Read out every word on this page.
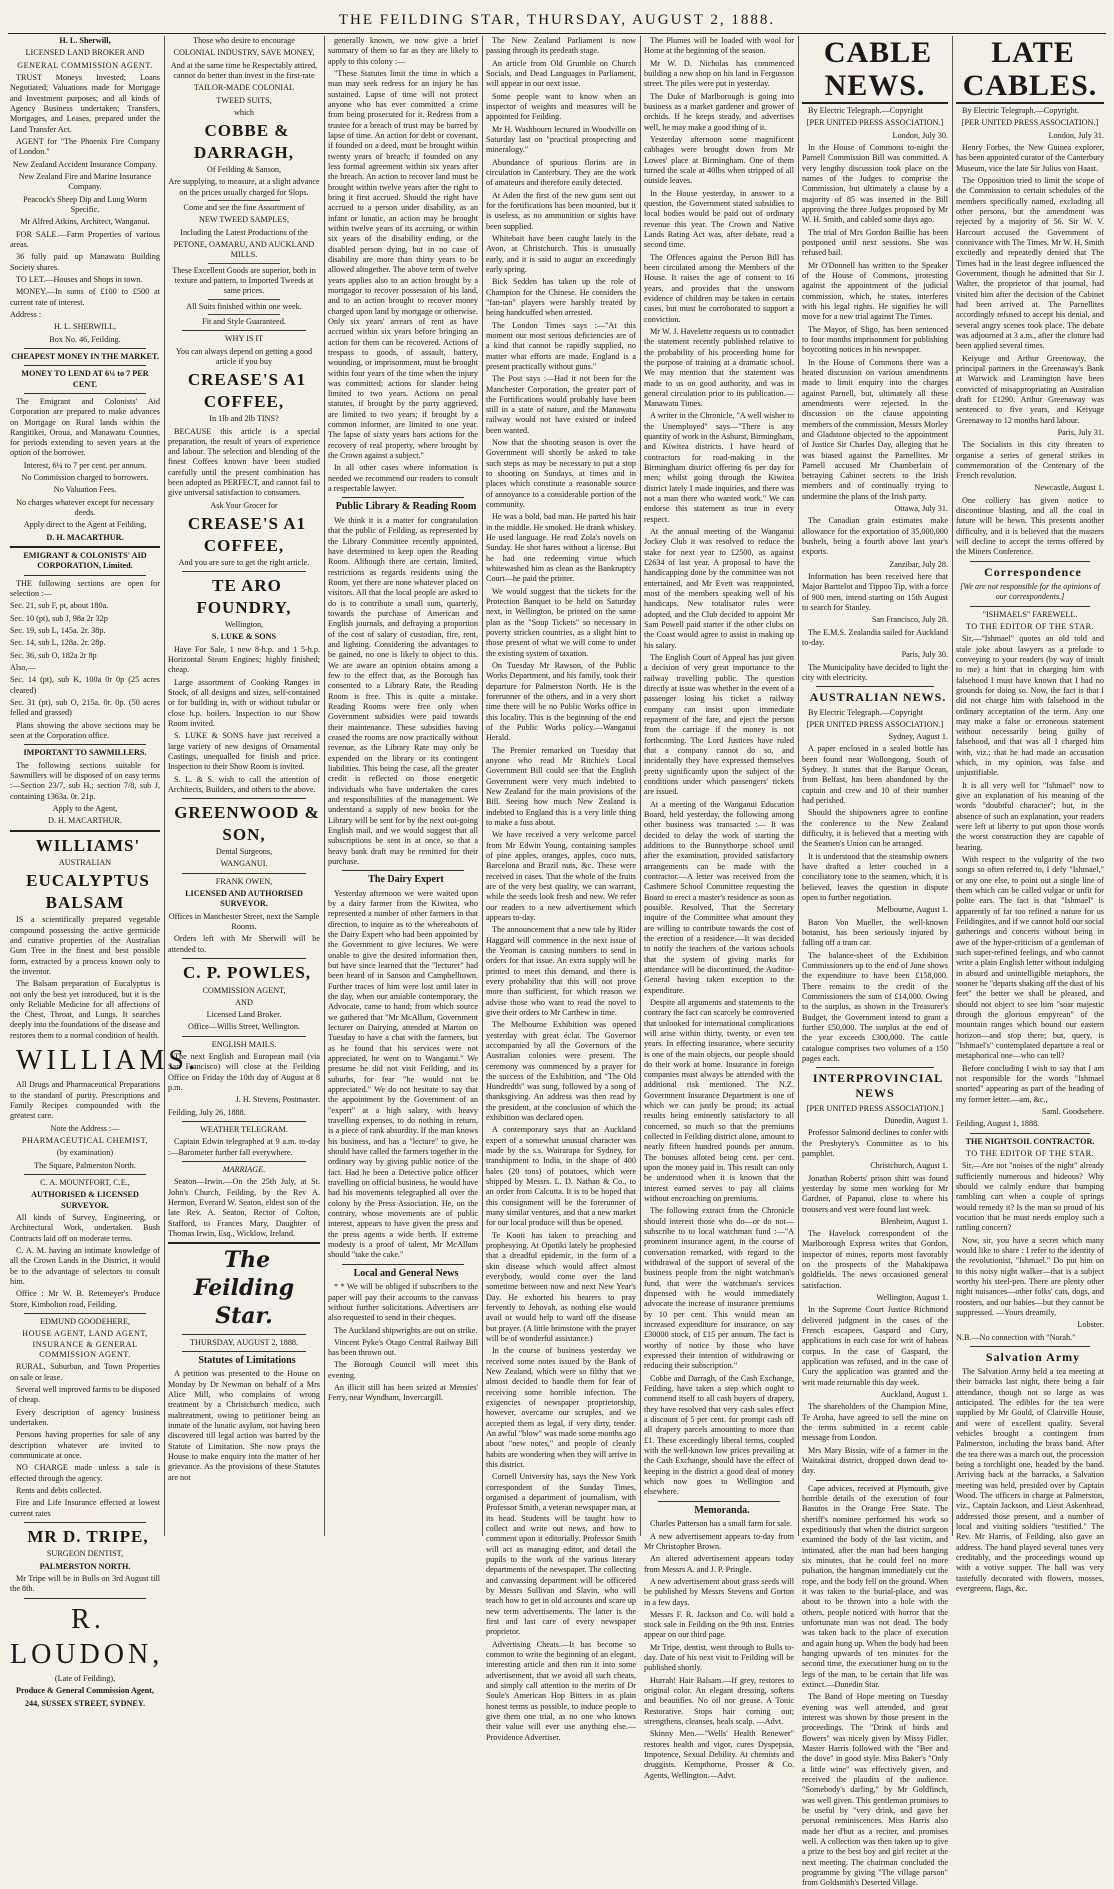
THE FEILDING STAR, THURSDAY, AUGUST 2, 1888.

H. L. Sherwill,

LICENSED LAND BROKER AND

GENERAL COMMISSION AGENT.

TRUST Moneys Invested; Loans Negotiated; Valuations made for Mortgage and Investment purposes; and all kinds of Agency Business undertaken; Transfers, Mortgages, and Leases, prepared under the Land Transfer Act.

AGENT for "The Phoenix Fire Company of London."

New Zealand Accident Insurance Company.

New Zealand Fire and Marine Insurance Company.

Peacock's Sheep Dip and Lung Worm Specific.

Mr Alfred Atkins, Architect, Wanganui.

FOR SALE.—Farm Properties of various areas.

36 fully paid up Manawatu Building Society shares.

TO LET.—Houses and Shops in town.

MONEY.—In sums of £100 to £500 at current rate of interest.

Address :

H. L. SHERWILL,

Box No. 46, Feilding.

CHEAPEST MONEY IN THE MARKET.

MONEY TO LEND AT 6¼ to 7 PER CENT.

The Emigrant and Colonists' Aid Corporation are prepared to make advances on Mortgage on Rural lands within the Rangitikei, Oroua, and Manawatu Counties, for periods extending to seven years at the option of the borrower.

Interest, 6¼ to 7 per cent. per annum.

No Commission charged to borrowers.

No Valuation Fees.

No charges whatever except for necessary deeds.

Apply direct to the Agent at Feilding,

D. H. MACARTHUR.

EMIGRANT & COLONISTS' AID CORPORATION, Limited.

THE following sections are open for selection :—

Sec. 21, sub F, pt, about 180a.

Sec. 10 (pt), sub J, 98a 2r 32p

Sec. 19, sub L, 145a. 2r. 38p.

Sec. 14, sub L, 128a. 2r. 28p.

Sec. 36, sub O, 182a 2r 8p

Also,—

Sec. 14 (pt), sub K, 100a 0r 0p (25 acres cleared)

Sec. 31 (pt), sub O, 215a. 0r. 0p. (50 acres felled and grassed)

Plans showing the above sections may be seen at the Corporation office.

IMPORTANT TO SAWMILLERS.

The following sections suitable for Sawmillers will be disposed of on easy terms :—Section 23/7, sub H.; section 7/8, sub J, containing 1363a. 0r. 21p.

Apply to the Agent,

D. H. MACARTHUR.

WILLIAMS'

AUSTRALIAN

EUCALYPTUS BALSAM

IS a scientifically prepared vegetable compound possessing the active germicide and curative properties of the Australian Gum Tree in the finest and best possible form, extracted by a process known only to the inventor.

The Balsam preparation of Eucalyptus is not only the best yet introduced, but it is the only Reliable Medicine for all affections of the Chest, Throat, and Lungs. It searches deeply into the foundations of the disease and restores them to a normal condition of health.

WILLIAMS.

All Drugs and Pharmaceutical Preparations to the standard of purity. Prescriptions and Family Recipes compounded with the greatest care.

Note the Address :—

PHARMACEUTICAL CHEMIST,

(by examination)

The Square, Palmerston North.

C. A. MOUNTFORT, C.E.,

AUTHORISED & LICENSED SURVEYOR.

All kinds of Survey, Engineering, or Architectural Work, undertaken. Bush Contracts laid off on moderate terms.

C. A. M. having an intimate knowledge of all the Crown Lands in the District, it would be to the advantage of selectors to consult him.

Office : Mr W. B. Retemeyer's Produce Store, Kimbolton road, Feilding.

EDMUND GOODEHERE,

HOUSE AGENT, LAND AGENT, INSURANCE & GENERAL COMMISSION AGENT.

RURAL, Suburban, and Town Properties on sale or lease.

Several well improved farms to be disposed of cheap.

Every description of agency business undertaken.

Persons having properties for sale of any description whatever are invited to communicate at once.

NO CHARGE made unless a sale is effected through the agency.

Rents and debts collected.

Fire and Life Insurance effected at lowest current rates

MR D. TRIPE,

SURGEON DENTIST,

PALMERSTON NORTH.

Mr Tripe will be in Bulls on 3rd August till the 8th.

R. LOUDON,

(Late of Feilding),

Produce & General Commission Agent,

244, SUSSEX STREET, SYDNEY.

Those who desire to encourage

COLONIAL INDUSTRY, SAVE MONEY,

And at the same time be Respectably attired, cannot do better than invest in the first-rate

TAILOR-MADE COLONIAL

TWEED SUITS,

which

COBBE & DARRAGH,

Of Feilding & Sanson,

Are supplying, to measure, at a slight advance on the prices usually charged for Slops.

Come and see the fine Assortment of

NEW TWEED SAMPLES,

Including the Latest Productions of the

PETONE, OAMARU, AND AUCKLAND MILLS.

These Excellent Goods are superior, both in texture and pattern, to Imported Tweeds at same prices.

All Suits finished within one week.

Fit and Style Guaranteed.

WHY IS IT

You can always depend on getting a good article if you buy

CREASE'S A1 COFFEE,

In 1lb and 2lb TINS?

BECAUSE this article is a special preparation, the result of years of experience and labour. The selection and blending of the finest Coffees known have been studied carefully until the present combination has been adopted as PERFECT, and cannot fail to give universal satisfaction to consumers.

Ask Your Grocer for

CREASE'S A1 COFFEE,

And you are sure to get the right article.

TE ARO FOUNDRY,

Wellington,

S. LUKE & SONS

Have For Sale, 1 new 8-h.p. and 1 5-h.p. Horizontal Steam Engines; highly finished; cheap.

Large assortment of Cooking Ranges in Stock, of all designs and sizes, self-contained or for building in, with or without tubular or close h.p. boilers. Inspection to our Show Room invited.

S. LUKE & SONS have just received a large variety of new designs of Ornamental Castings, unequalled for finish and price. Inspection to their Show Room is invited.

S. L. & S. wish to call the attention of Architects, Builders, and others to the above.

GREENWOOD & SON,

Dental Surgeons,

WANGANUI.

FRANK OWEN,

LICENSED AND AUTHORISED SURVEYOR.

Offices in Manchester Street, next the Sample Rooms.

Orders left with Mr Sherwill will be attended to.

C. P. POWLES,

COMMISSION AGENT,

AND

Licensed Land Broker.

Office—Willis Street, Wellington.

ENGLISH MAILS.

The next English and European mail (via San Francisco) will close at the Feilding Office on Friday the 10th day of August at 8 p.m.

J. H. Stevens, Postmaster.

Feilding, July 26, 1888.

WEATHER TELEGRAM.

Captain Edwin telegraphed at 9 a.m. to-day :—Barometer further fall everywhere.

MARRIAGE.

Seaton—Irwin.—On the 25th July, at St. John's Church, Feilding, by the Rev A. Hermon, Everard W. Seaton, eldest son of the late Rev. A. Seaton, Rector of Colton, Stafford, to Frances Mary, Daughter of Thomas Irwin, Esq., Wicklow, Ireland.

The Feilding Star.

THURSDAY, AUGUST 2, 1888.

Statutes of Limitations

A petition was presented to the House on Monday by Dr Newman on behalf of a Mrs Alice Mill, who complains of wrong treatment by a Christchurch medico, such maltreatment, owing to petitioner being an inmate of the lunatic asylum, not having been discovered till legal action was barred by the Statute of Limitation. She now prays the House to make enquiry into the matter of her grievance. As the provisions of these Statutes are not

generally known, we now give a brief summary of them so far as they are likely to apply to this colony :—

"These Statutes limit the time in which a man may seek redress for an injury he has sustained. Lapse of time will not protect anyone who has ever committed a crime from being prosecuted for it. Redress from a trustee for a breach of trust may be barred by lapse of time. An action for debt or covenant, if founded on a deed, must be brought within twenty years of breach; if founded on any less formal agreement within six years after the breach. An action to recover land must be brought within twelve years after the right to bring it first accrued. Should the right have accrued to a person under disability, as an infant or lunatic, an action may be brought within twelve years of its accruing, or within six years of the disability ending, or the disabled person dying, but in no case of disability are more than thirty years to be allowed altogether. The above term of twelve years applies also to an action brought by a mortgagor to recover possession of his land, and to an action brought to recover money charged upon land by mortgage or otherwise. Only six years' arrears of rent as have accrued within six years before bringing an action for them can be recovered. Actions of trespass to goods, of assault, battery, wounding, or imprisonment, must be brought within four years of the time when the injury was committed; actions for slander being limited to two years. Actions on penal statutes, if brought by the party aggrieved, are limited to two years; if brought by a common informer, are limited to one year. The lapse of sixty years bars actions for the recovery of real property, where brought by the Crown against a subject."

In all other cases where information is needed we recommend our readers to consult a respectable lawyer.

Public Library & Reading Room

We think it is a matter for congratulation that the public of Feilding, as represented by the Library Committee recently appointed, have determined to keep open the Reading Room. Although there are certain, limited, restrictions as regards residents using the Room, yet there are none whatever placed on visitors. All that the local people are asked to do is to contribute a small sum, quarterly, towards the purchase of American and English journals, and defraying a proportion of the cost of salary of custodian, fire, rent, and lighting. Considering the advantages to be gained, no one is likely to object to this. We are aware an opinion obtains among a few to the effect that, as the Borough has consented to a Library Rate, the Reading Room is free. This is quite a mistake. Reading Rooms were free only when Government subsidies were paid towards their maintenance. These subsidies having ceased the rooms are now practically without revenue, as the Library Rate may only be expended on the library or its contingent liabilities. This being the case, all the greater credit is reflected on those energetic individuals who have undertaken the cares and responsibilities of the management. We understand a supply of new books for the Library will be sent for by the next out-going English mail, and we would suggest that all subscriptions be sent in at once, so that a heavy bank draft may be remitted for their purchase.

The Dairy Expert

Yesterday afternoon we were waited upon by a dairy farmer from the Kiwitea, who represented a number of other farmers in that direction, to inquire as to the whereabouts of the Dairy Expert who had been appointed by the Government to give lectures. We were unable to give the desired information then, but have since learned that the "lecturer" had been heard of in Sanson and Campbelltown. Further traces of him were lost until later in the day, when our amiable contemporary, the Advocate, came to hand; from which source we gathered that "Mr McAllum, Government lecturer on Dairying, attended at Marton on Tuesday to have a chat with the farmers, but as he found that his services were not appreciated, he went on to Wanganui." We presume he did not visit Feilding, and its suburbs, for fear "he would not be appreciated." We do not hesitate to say that the appointment by the Government of an "expert" at a high salary, with heavy travelling expenses, to do nothing in return, is a piece of rank absurdity. If the man knows his business, and has a "lecture" to give, he should have called the farmers together in the ordinary way by giving public notice of the fact. Had he been a Detective police officer travelling on official business, he would have had his movements telegraphed all over the colony by the Press Association. He, on the contrary, whose movements are of public interest, appears to have given the press and the press agents a wide berth. If extreme modesty is a proof of talent, Mr McAllum should "take the cake."

Local and General News

* * We will be obliged if subscribers to the paper will pay their accounts to the canvass without further solicitations. Advertisers are also requested to send in their cheques.

The Auckland shipwrights are out on strike.

Vincent Pyke's Otago Central Railway Bill has been thrown out.

The Borough Council will meet this evening.

An illicit still has been seized at Mensies' Ferry, near Wyndham, Invercargill.

The New Zealand Parliament is now passing through its predeath stage.

An article from Old Grumble on Church Socials, and Dead Languages in Parliament, will appear in our next issue.

Some people want to know when an inspector of weights and measures will be appointed for Feilding.

Mr H. Washbourn lectured in Woodville on Saturday last on "practical prospecting and mineralogy."

Abundance of spurious florins are in circulation in Canterbury. They are the work of amateurs and therefore easily detected.

At Aden the first of the new guns sent out for the fortifications has been mounted, but it is useless, as no ammunition or sights have been supplied.

Whitebait have been caught lately in the Avon, at Christchurch. This is unusually early, and it is said to augur an exceedingly early spring.

Bick Sedden has taken up the role of Champion for the Chinese. He considers the "fan-tan" players were harshly treated by being handcuffed when arrested.

The London Times says :—"At this moment our most serious deficiencies are of a kind that cannot be rapidly supplied, no matter what efforts are made. England is a present practically without guns."

The Post says :—Had it not been for the Manchester Corporation, the greater part of the Fortifications would probably have been still in a state of nature, and the Manawatu railway would not have existed or indeed been wanted.

Now that the shooting season is over the Government will shortly be asked to take such steps as may be necessary to put a stop to shooting on Sundays, at times and in places which constitute a reasonable source of annoyance to a considerable portion of the community.

He was a bold, bad man. He parted his hair in the middle. He smoked. He drank whiskey. He used language. He read Zola's novels on Sunday. He shot hares without a license. But he had one redeeming virtue which whitewashed him as clean as the Bankruptcy Court—he paid the printer.

We would suggest that the tickets for the Protection Banquet to be held on Saturday next, in Wellington, be printed on the same plan as the "Soup Tickets" so necessary in poverty stricken countries, as a slight hint to those present of what we will come to under the existing system of taxation.

On Tuesday Mr Rawson, of the Public Works Department, and his family, took their departure for Palmerston North. He is the forerunner of the others, and in a very short time there will be no Public Works office in this locality. This is the beginning of the end of the Public Works policy.—Wanganui Herald.

The Premier remarked on Tuesday that anyone who read Mr Ritchie's Local Government Bill could see that the English Government were very much indebted to New Zealand for the main provisions of the Bill. Seeing how much New Zealand is indebted to England this is a very little thing to make a fuss about.

We have received a very welcome parcel from Mr Edwin Young, containing samples of pine apples, oranges, apples, coco nuts, Barcelona and Brazil nuts, &c. These were received in cases. That the whole of the fruits are of the very best quality, we can warrant, while the seeds look fresh and new. We refer our readers to a new advertisement which appears to-day.

The announcement that a new tale by Rider Haggard will commence in the next issue of the Yeoman is causing numbers to send in orders for that issue. An extra supply will be printed to meet this demand, and there is every probability that this will not prove more than sufficient, for which reason we advise those who want to read the novel to give their orders to Mr Carthew in time.

The Melbourne Exhibition was opened yesterday with great éclat. The Governor accompanied by all the Governors of the Australian colonies were present. The ceremony was commenced by a prayer for the success of the Exhibition, and "The Old Hundredth" was sung, followed by a song of thanksgiving. An address was then read by the president, at the conclusion of which the exhibition was declared open.

A contemporary says that an Auckland expert of a somewhat unusual character was made by the s.s. Wairarapa for Sydney, for transhipment to India, in the shape of 400 bales (20 tons) of potatoes, which were shipped by Messrs. L. D. Nathan & Co., to an order from Calcutta. It is to be hoped that this consignment will be the forerunner of many similar ventures, and that a new market for our local produce will thus be opened.

Te Kooti has taken to preaching and prophesying. At Opotiki lately he prophesied that a dreadful epidemic, in the form of a skin disease which would affect almost everybody, would come over the land sometime between now and next New Year's Day. He exhorted his hearers to pray fervently to Jehovah, as nothing else would avail or would help to ward off the disease but prayer. (A little brimstone with the prayer will be of wonderful assistance.)

In the course of business yesterday we received some notes issued by the Bank of New Zealand, which were so filthy that we almost decided to handle them for fear of receiving some horrible infection. The exigencies of newspaper proprietorship, however, overcame our scruples, and we accepted them as legal, if very dirty, tender. An awful "blow" was made some months ago about "new notes," and people of cleanly habits are wondering when they will arrive in this district.

Cornell University has, says the New York correspondent of the Sunday Times, organised a department of journalism, with Professor Smith, a veteran newspaper man, at its head. Students will be taught how to collect and write out news, and how to comment upon it editorially. Professor Smith will act as managing editor, and detail the pupils to the work of the various literary departments of the newspaper. The collecting and canvassing department will be officered by Messrs Sullivan and Slavin, who will teach how to get in old accounts and scare up new term advertisements. The latter is the first and last care of every newspaper proprietor.

Advertising Cheats.—It has become so common to write the beginning of an elegant, interesting article and then run it into some advertisement, that we avoid all such cheats, and simply call attention to the merits of Dr Soule's American Hop Bitters in as plain honest terms as possible, to induce people to give them one trial, as no one who knows their value will ever use anything else.—Providence Advertiser.

The Plumes will be loaded with wool for Home at the beginning of the season.

Mr W. D. Nicholas has commenced building a new shop on his land in Fergusson street. The piles were put in yesterday.

The Duke of Marlborough is going into business as a market gardener and grower of orchids. If he keeps steady, and advertises well, he may make a good thing of it.

Yesterday afternoon some magnificent cabbages were brought down from Mr Lowes' place at Birmingham. One of them turned the scale at 40lbs when stripped of all outside leaves.

In the House yesterday, in answer to a question, the Government stated subsidies to local bodies would be paid out of ordinary revenue this year. The Crown and Native Lands Rating Act was, after debate, read a second time.

The Offences against the Person Bill has been circulated among the Members of the House. It raises the age of consent to 16 years, and provides that the unsworn evidence of children may be taken in certain cases, but must be corroborated to support a conviction.

Mr W. J. Havelette requests us to contradict the statement recently published relative to the probability of his proceeding home for the purpose of training at a dramatic school. We may mention that the statement was made to us on good authority, and was in general circulation prior to its publication.—Manawatu Times.

A writer in the Chronicle, "A well wisher to the Unemployed" says—"There is any quantity of work in the Ashurst, Birmingham, and Kiwitea districts. I have heard of contractors for road-making in the Birmingham district offering 6s per day for men; whilst going through the Kiwitea district lately I made inquiries, and there was not a man there who wanted work." We can endorse this statement as true in every respect.

At the annual meeting of the Wanganui Jockey Club it was resolved to reduce the stake for next year to £2500, as against £2634 of last year. A proposal to have the handicapping done by the committee was not entertained, and Mr Evett was reappointed, most of the members speaking well of his handicaps. New totalisator rules were adopted, and the Club decided to appoint Mr Sam Powell paid starter if the other clubs on the Coast would agree to assist in making up his salary.

The English Court of Appeal has just given a decision of very great importance to the railway travelling public. The question directly at issue was whether in the event of a passenger losing his ticket a railway company can insist upon immediate repayment of the fare, and eject the person from the carriage if the money is not forthcoming. The Lord Justices have ruled that a company cannot do so, and incidentally they have expressed themselves pretty significantly upon the subject of the conditions under which passengers' tickets are issued.

At a meeting of the Wanganui Education Board, held yesterday, the following among other business was transacted :— It was decided to delay the work of starting the additions to the Bunnythorpe school until after the examination, provided satisfactory arrangements can be made with the contractor.—A letter was received from the Cashmere School Committee requesting the Board to erect a master's residence as soon as possible. Resolved, That the Secretary inquire of the Committee what amount they are willing to contribute towards the cost of the erection of a residence.—It was decided to notify the teachers of the various schools that the system of giving marks for attendance will be discontinued, the Auditor-General having taken exception to the expenditure.

Despite all arguments and statements to the contrary the fact can scarcely be controverted that unlooked for international complications will arise within thirty, twenty, or even ten years. In effecting insurance, where security is one of the main objects, our people should do their work at home. Insurance in foreign companies must always be attended with the additional risk mentioned. The N.Z. Government Insurance Department is one of which we can justly be proud; its actual results being eminently satisfactory to all concerned, so much so that the premiums collected in Feilding district alone, amount to nearly fifteen hundred pounds per annum. The bonuses alloted being cent. per cent. upon the money paid in. This result can only be understood when it is known that the interest earned serves to pay all claims without encroaching on premiums.

The following extract from the Chronicle should interest those who do—or do not—subscribe to to local watchman fund :—"A prominent insurance agent, in the course of conversation remarked, with regard to the withdrawal of the support of several of the business people from the night watchman's fund, that were the watchman's services dispensed with he would immediately advocate the increase of insurance premiums by 10 per cent. This would mean an increased expenditure for insurance, on say £30000 stock, of £15 per annum. The fact is worthy of notice by those who have expressed their intention of withdrawing or reducing their subscription."

Cobbe and Darragh, of the Cash Exchange, Feilding, have taken a step which ought to commend itself to all cash buyers of drapery, they have resolved that very cash sales effect a discount of 5 per cent. for prompt cash off all drapery parcels amounting to more than £1. These exceedingly liberal terms, coupled with the well-known low prices prevailing at the Cash Exchange, should have the effect of keeping in the district a good deal of money which now goes to Wellington and elsewhere.

Memoranda.

Charles Patterson has a small farm for sale.

A new advertisement appears to-day from Mr Christopher Brown.

An altered advertisement appears today from Messrs A. and J. P. Pringle.

A new advertisement about grass seeds will be published by Messrs Stevens and Gorton in a few days.

Messrs F. R. Jackson and Co. will hold a stock sale in Feilding on the 9th inst. Entries appear on our third page.

Mr Tripe, dentist, went through to Bulls to-day. Date of his next visit to Feilding will be published shortly.

Hurrah! Hair Balsam.—If grey, restores to original color. An elegant dressing, softens and beautifies. No oil nor grease. A Tonic Restorative. Stops hair coming out; strengthens, cleanses, heals scalp. —Advt.

Skinny Men.—"Wells' Health Renewer" restores health and vigor, cures Dyspepsia, Impotence, Sexual Debility. At chemists and druggists. Kempthorne, Prosser & Co. Agents, Wellington.—Advt.

CABLE NEWS.

By Electric Telegraph.—Copyright

[PER UNITED PRESS ASSOCIATION.]

London, July 30.

In the House of Commons to-night the Parnell Commission Bill was committed. A very lengthy discussion took place on the names of the Judges to comprise the Commission, but ultimately a clause by a majority of 85 was inserted in the Bill approving the three Judges proposed by Mr W. H. Smith, and cabled some days ago.

The trial of Mrs Gordon Baillie has been postponed until next sessions. She was refused bail.

Mr O'Donnell has written to the Speaker of the House of Commons, protesting against the appointment of the judicial commission, which, he states, interferes with his legal rights. He signifies he will move for a new trial against The Times.

The Mayor, of Sligo, has been sentenced to four months imprisonment for publishing boycotting notices in his newspaper.

In the House of Commons there was a heated discussion on various amendments made to limit enquiry into the charges against Parnell, but, ultimately all these amendments were rejected. In the discussion on the clause appointing members of the commission, Messrs Morley and Gladstone objected to the appointment of Justice Sir Charles Day, alleging that he was biased against the Parnellites. Mr Parnell accused Mr Chamberlain of betraying Cabinet secrets to the Irish members and of continually trying to undermine the plans of the Irish party.

Ottawa, July 31.

The Canadian grain estimates make allowance for the exportation of 35,000,000 bushels, being a fourth above last year's exports.

Zanzibar, July 28.

Information has been received here that Major Barttelot and Tippoo Tip, with a force of 900 men, intend starting on 15th August to search for Stanley.

San Francisco, July 28.

The E.M.S. Zealandia sailed for Auckland to-day.

Paris, July 30.

The Municipality have decided to light the city with electricity.

AUSTRALIAN NEWS.

By Electric Telegraph.—Copyright

[PER UNITED PRESS ASSOCIATION.]

Sydney, August 1.

A paper enclosed in a sealed bottle has been found near Wollongong, South of Sydney. It states that the Barque Ocean, from Belfast, has been abandoned by the captain and crew and 10 of their number had perished.

Should the shipowners agree to confine the conference to the New Zealand difficulty, it is believed that a meeting with the Seamen's Union can be arranged.

It is understood that the steamship owners have drafted a letter couched in a conciliatory tone to the seamen, which, it is believed, leaves the question in dispute open to further negotiation.

Melbourne, August 1.

Baron Von Mueller, the well-known botanist, has been seriously injured by falling off a tram car.

The balance-sheet of the Exhibition Commissioners up to the end of June shows the expenditure to have been £158,000. There remains to the credit of the Commissioners the sum of £14,000. Owing to the surplus, as shown in the Treasurer's Budget, the Government intend to grant a further £50,000. The surplus at the end of the year exceeds £300,000. The cattle catalogue comprises two volumes of a 150 pages each.

INTERPROVINCIAL NEWS

[PER UNITED PRESS ASSOCIATION.]

Dunedin, August 1.

Professor Salmond declines to confer with the Presbytery's Committee as to his pamphlet.

Christchurch, August 1.

Jonathan Roberts' prison shirt was found yesterday by some men working for Mr Gardner, of Papanui, close to where his trousers and vest were found last week.

Blenheim, August 1.

The Havelock correspondent of the Marlborough Express writes that Gordon, inspector of mines, reports most favorably on the prospects of the Mahakipawa goldfields. The news occasioned general satisfaction.

Wellington, August 1.

In the Supreme Court Justice Richmond delivered judgment in the cases of the French escapees, Gaspard and Cury, applications in each case for writ of habeas corpus. In the case of Gaspard, the application was refused, and in the case of Cury the application was granted and the writ made returnable this day week.

Auckland, August 1.

The shareholders of the Champion Mine, Te Aroha, have agreed to sell the mine on the terms submitted in a recent cable message from London.

Mrs Mary Bissin, wife of a farmer in the Waitakirai district, dropped down dead to-day.

Cape advices, received at Plymouth, give horrible details of the execution of four Basutos in the Orange Free State. The sheriff's nominee performed his work so expeditiously that when the district surgeon examined the body of the last victim, and intimated, after the man had been hanging six minutes, that he could feel no more pulsation, the hangman immediately cut the rope, and the body fell on the ground. When it was taken to the burial-place, and was about to be thrown into a hole with the others, people noticed with horror that the unfortunate man was not dead. The body was taken back to the place of execution and again hung up. When the body had been hanging upwards of ten minutes for the second time, the executioner hung on to the legs of the man, to be certain that life was extinct.—Dunedin Star.

The Band of Hope meeting on Tuesday evening was well attended, and great interest was shown by those present in the proceedings. The "Drink of birds and flowers" was nicely given by Missy Fidler. Master Harris followed with the "Bee and the dove" in good style. Miss Baker's "Only a little wine" was effectively given, and received the plaudits of the audience. "Somebody's darling," by Mr Goldfinch, was well given. This gentleman promises to be useful by "very drink, and gave her personal reminiscences. Miss Harris also made her d'but as a reciter, and promises well. A collection was then taken up to give a prize to the best boy and girl reciter at the next meeting. The chairman concluded the programme by giving "The village parson" from Goldsmith's Deserted Village.

LATE CABLES.

By Electric Telegraph.—Copyright.

[PER UNITED PRESS ASSOCIATION.]

London, July 31.

Henry Forbes, the New Guinea explorer, has been appointed curator of the Canterbury Museum, vice the late Sir Julius von Haast.

The Opposition tried to limit the scope of the Commission to certain schedules of the members specifically named, excluding all other persons, but the amendment was rejected by a majority of 56. Sir W. V. Harcourt accused the Government of connivance with The Times. Mr W. H. Smith excitedly and repeatedly denied that The Times had in the least degree influenced the Government, though he admitted that Sir J. Walter, the proprietor of that journal, had visited him after the decision of the Cabinet had been arrived at. The Parnellites accordingly refused to accept his denial, and several angry scenes took place. The debate was adjourned at 3 a.m., after the cloture had been applied several times.

Keiyuge and Arthur Greenoway, the principal partners in the Greenaway's Bank at Warwick and Leamington have been convicted of misappropriating an Australian draft for £1290. Arthur Greenaway was sentenced to five years, and Keiyuge Greenaway to 12 months hard labour.

Paris, July 31.

The Socialists in this city threaten to organise a series of general strikes in commemoration of the Centenary of the French revolution.

Newcastle, August 1.

One colliery has given notice to discontinue blasting, and all the coal in future will be hewn. This presents another difficulty, and it is believed that the masters will decline to accept the terms offered by the Miners Conference.

Correspondence

[We are not responsible for the opinions of our correspondents.]

"ISHMAELS" FAREWELL.

TO THE EDITOR OF THE STAR.

Sir,—"Ishmael" quotes an old told and stale joke about lawyers as a prelude to conveying to your readers (by way of insult to me) a hint that in charging him with falsehood I must have known that I had no grounds for doing so. Now, the fact is that I did not charge him with falsehood in the ordinary acceptation of the term. Any one may make a false or erroneous statement without necessarily being guilty of falsehood, and that was all I charged him with, viz.; that he had made an accusation which, in my opinion, was false and unjustifiable.

It is all very well for "Ishmael" now to give an explanation of his meaning of the words "doubtful character"; but, in the absence of such an explanation, your readers were left at liberty to put upon those words the worst construction they are capable of bearing.

With respect to the vulgarity of the two songs so often referred to, I defy "Ishmael," or any one else, to point out a single line of them which can be called vulgar or unfit for polite ears. The fact is that "Ishmael" is apparently of far too refined a nature for us Feildingites, and if we cannot hold our social gatherings and concerts without being in awe of the hyper-criticism of a gentleman of such super-refined feelings, and who cannot write a plain English letter without indulging in absurd and unintelligible metaphors, the sooner he "departs shaking off the dust of his feet" the better we shall be pleased, and should not object to see him "soar majestic through the glorious empyrean" of the mountain ranges which bound our eastern horizon—and stop there; but, query, is "Ishmael's" contemplated departure a real or metaphorical one—who can tell?

Before concluding I wish to say that I am not responsible for the words "Ishmael snorted" appearing as part of the heading of my former letter.—am, &c.,

Saml. Goodsehere.

Feilding, August 1, 1888.

THE NIGHTSOIL CONTRACTOR.

TO THE EDITOR OF THE STAR.

Sir,—Are not "noises of the night" already sufficiently numerous and hideous? Why should we calmly endure that bumping rambling cart when a couple of springs would remedy it? Is the man so proud of his vocation that he must needs employ such a rattling concern?

Now, sir, you have a secret which many would like to share : I refer to the identity of the revolutionist, "Ishmael." Do put him on to this noisy night walker—that is a subject worthy his steel-pen. There are plenty other night nuisances—other folks' cats, dogs, and roosters, and our babies—but they cannot be suppressed. —Yours dreamily,

Lobster.

N.B.—No connection with "Norah."

Salvation Army

The Salvation Army held a tea meeting at their barracks last night, there being a fair attendance, though not so large as was anticipated. The edibles for the tea were supplied by Mr Gould, of Clairville House, and were of excellent quality. Several vehicles brought a contingent from Palmerston, including the brass band. After the tea there was a march out, the procession being a torchlight one, headed by the band. Arriving back at the barracks, a Salvation meeting was held, presided over by Captain Wood. The officers in charge at Palmerston, viz., Captain Jackson, and Lieut Askenhead, addressed those present, and a number of local and visiting soldiers "testified." The Rev. Mr Harris, of Feilding, also gave an address. The band played several tunes very creditably, and the proceedings wound up with a votive supper. The hall was very tastefully decorated with flowers, mosses, evergreens, flags, &c.
